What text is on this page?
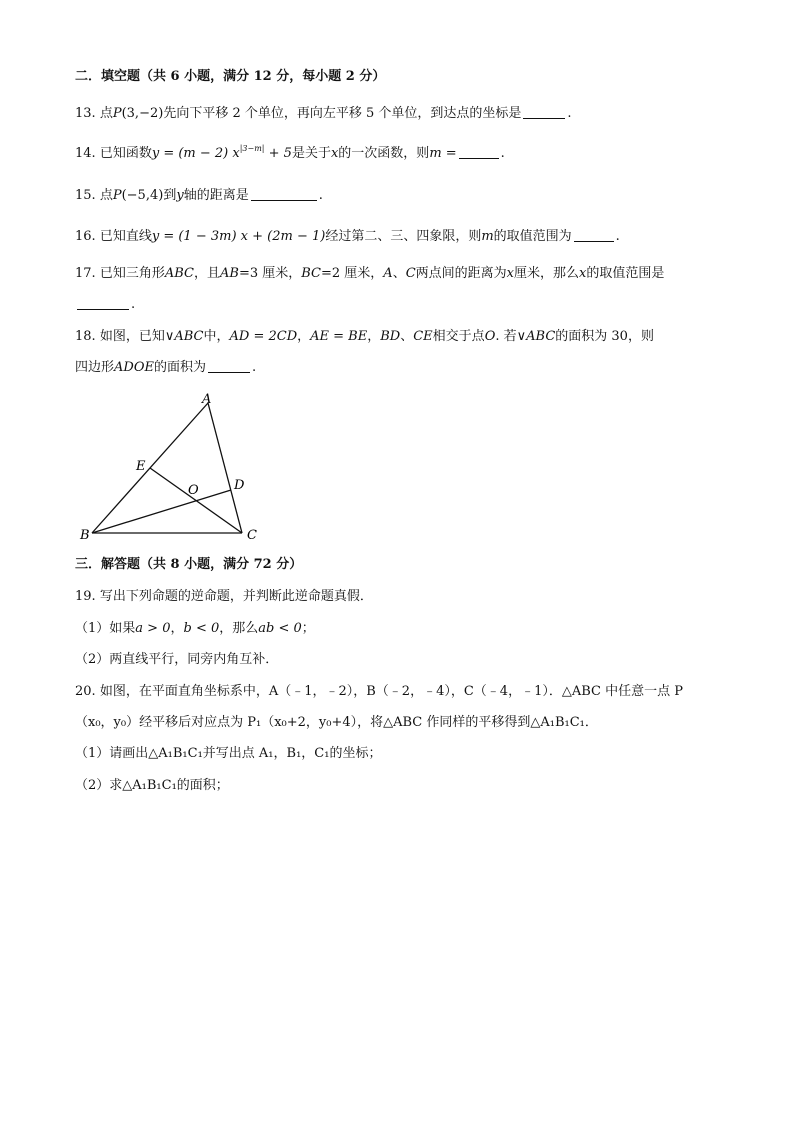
二．填空题（共 6 小题，满分 12 分，每小题 2 分）
13. 点P(3,−2)先向下平移 2 个单位，再向左平移 5 个单位，到达点的坐标是	.
14. 已知函数y = (m − 2) $x^{|3-m|} + 5$是关于x的一次函数，则m =	.
15. 点P(−5,4)到y轴的距离是	.
16. 已知直线y = (1 − 3m) x + (2m − 1)经过第二、三、四象限，则m的取值范围为	.
17. 已知三角形ABC，且AB=3 厘米，BC=2 厘米，A、C两点间的距离为x厘米，那么x的取值范围是
.
18. 如图，已知∨ABC中，AD = 2CD，AE = BE，BD、CE相交于点O. 若∨ABC的面积为 30，则
四边形ADOE的面积为	.
A
B	C
D
E
O
三．解答题（共 8 小题，满分 72 分）
19. 写出下列命题的逆命题，并判断此逆命题真假．
（1）如果a > 0，b < 0，那么ab < 0；
（2）两直线平行，同旁内角互补．
20. 如图，在平面直角坐标系中，A（﹣1，﹣2），B（﹣2，﹣4），C（﹣4，﹣1）．△ABC 中任意一点 P
（x₀，y₀）经平移后对应点为 P₁（x₀+2，y₀+4），将△ABC 作同样的平移得到△A₁B₁C₁．
（1）请画出△A₁B₁C₁并写出点 A₁，B₁，C₁的坐标；
（2）求△A₁B₁C₁的面积；
